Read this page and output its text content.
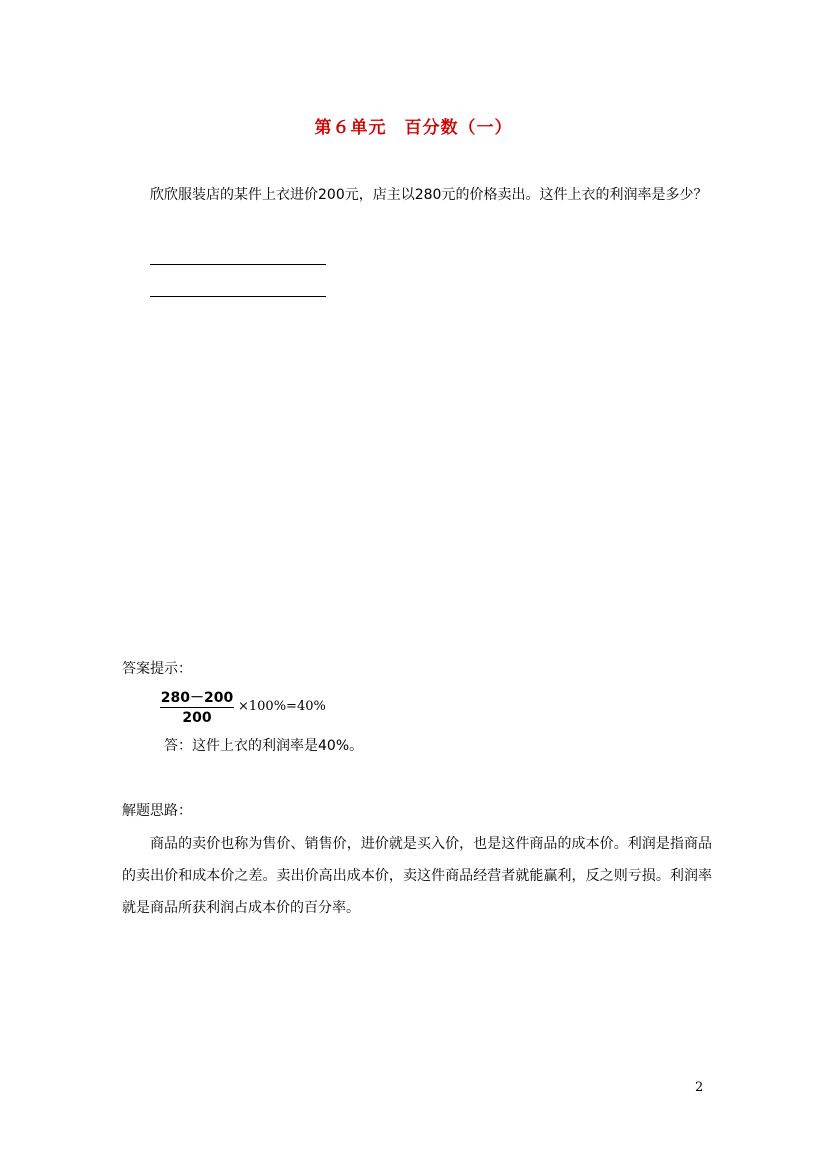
第６单元　百分数（一）
欣欣服装店的某件上衣进价200元，店主以280元的价格卖出。这件上衣的利润率是多少？
答案提示：
280－200
200
×100%=40%
答：这件上衣的利润率是40%。
解题思路：
商品的卖价也称为售价、销售价，进价就是买入价，也是这件商品的成本价。利润是指商品的卖出价和成本价之差。卖出价高出成本价，卖这件商品经营者就能赢利，反之则亏损。利润率就是商品所获利润占成本价的百分率。
2
